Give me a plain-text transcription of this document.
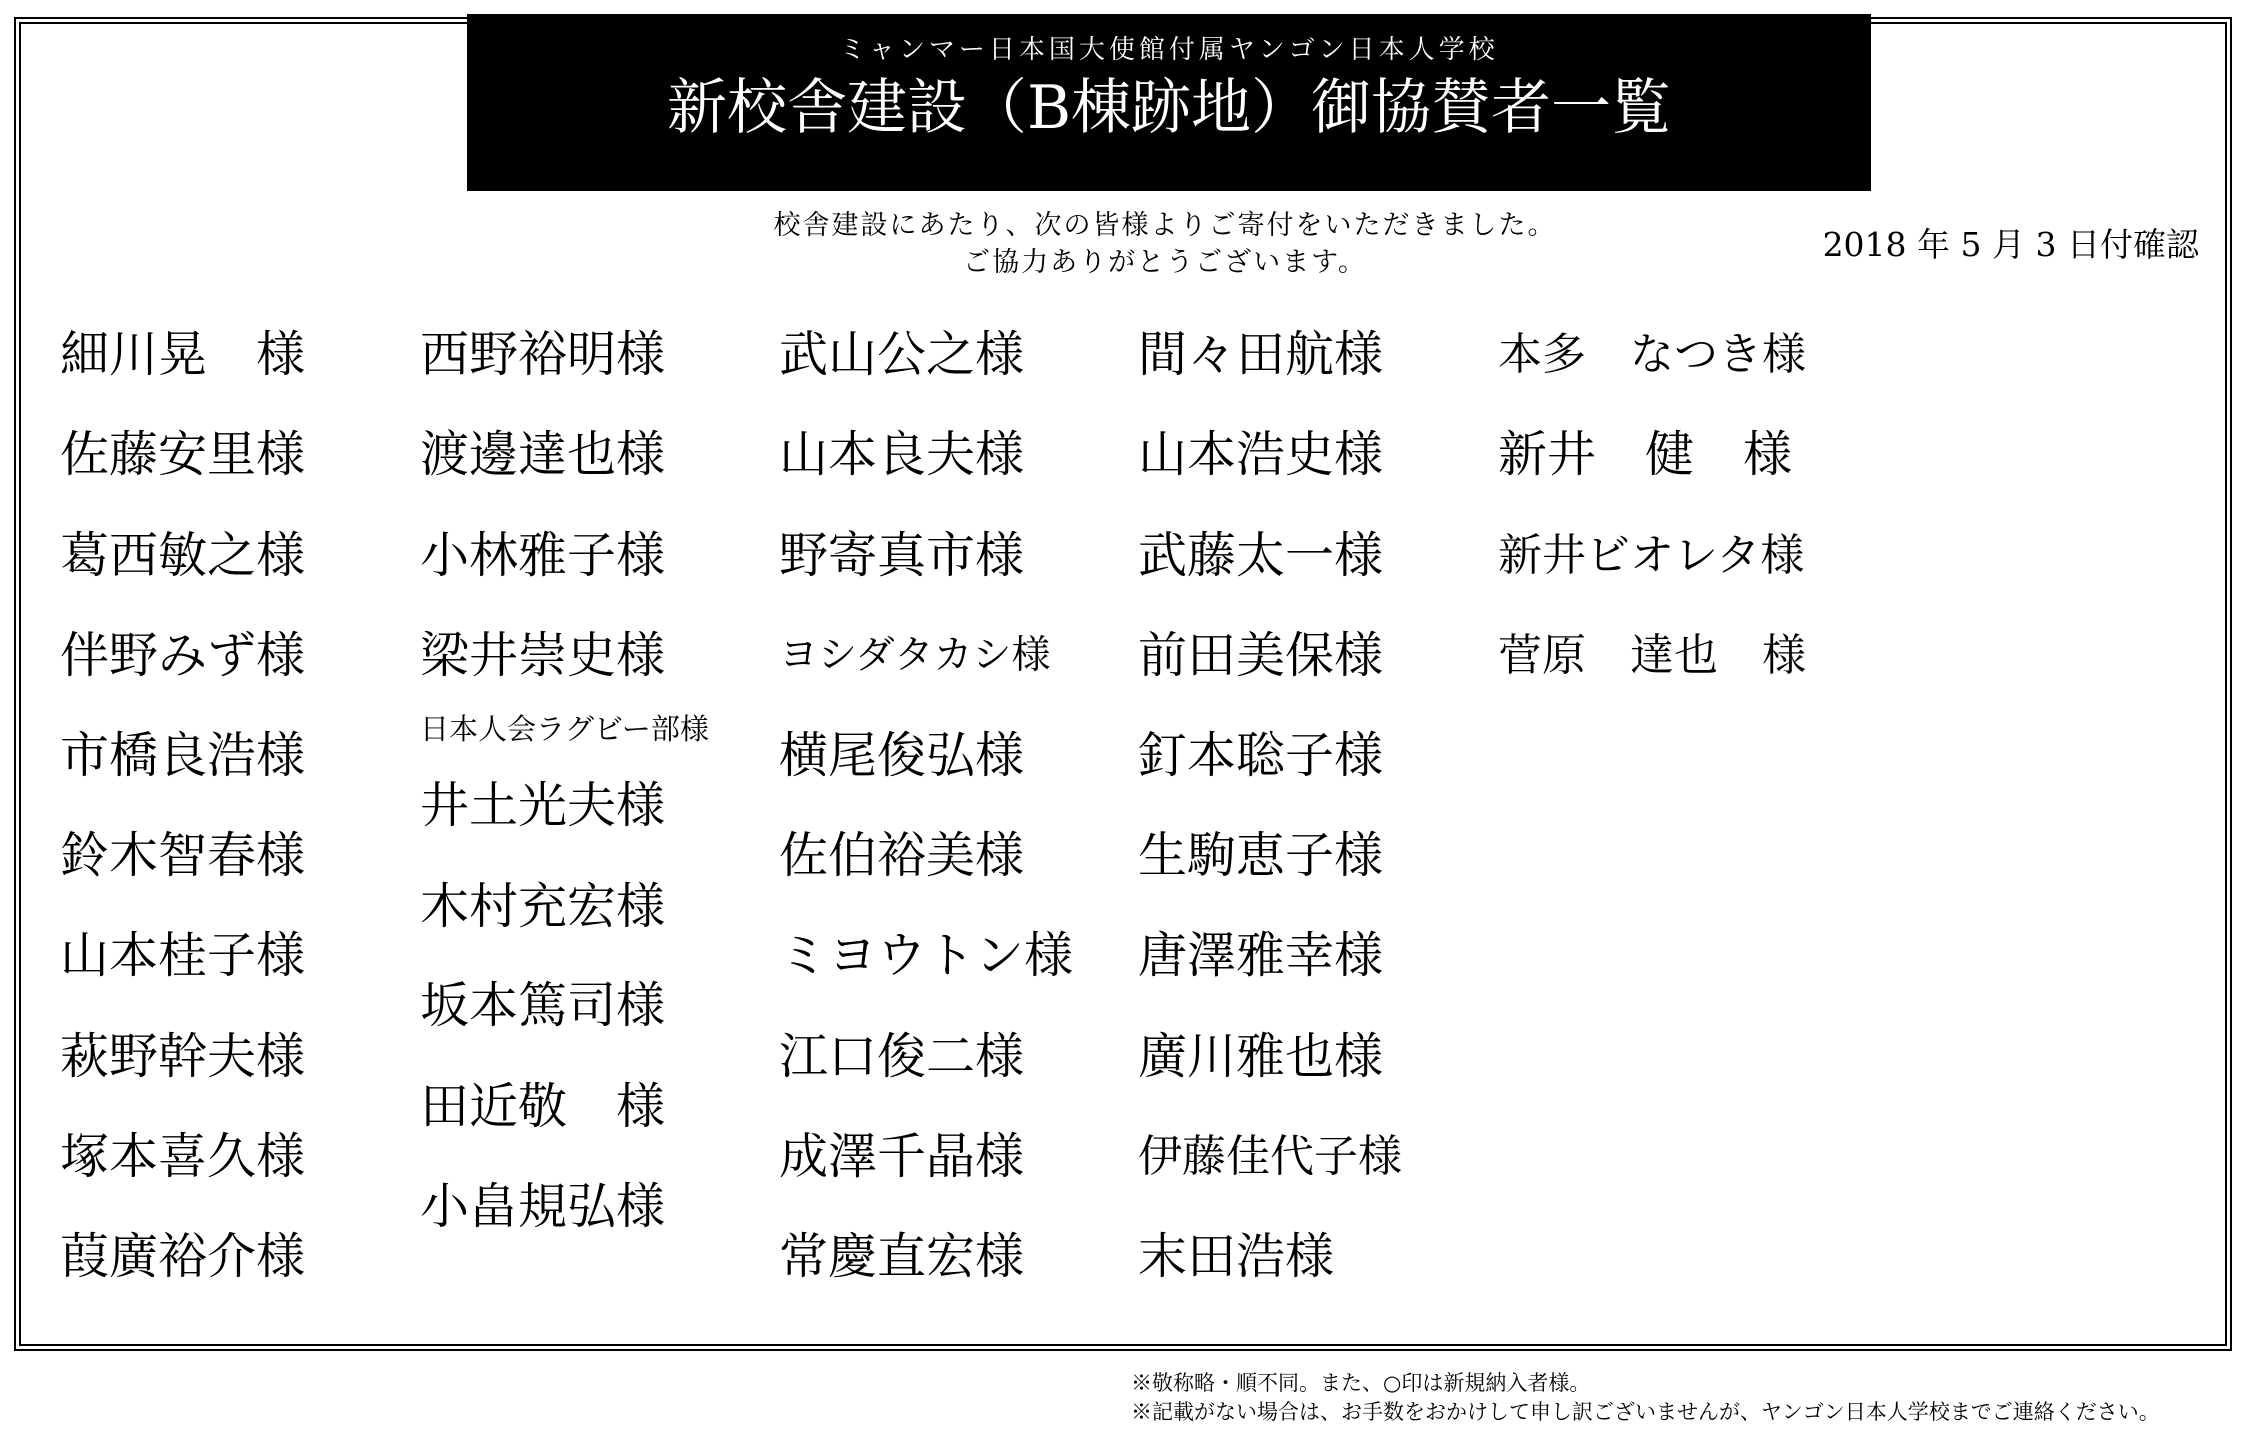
ミャンマー日本国大使館付属ヤンゴン日本人学校
新校舎建設（B棟跡地）御協賛者一覧
校舎建設にあたり、次の皆様よりご寄付をいただきました。
ご協力ありがとうございます。	2018 年 5 月 3 日付確認
細川晃　様
佐藤安里様
葛西敏之様
伴野みず様
市橋良浩様
鈴木智春様
山本桂子様
萩野幹夫様
塚本喜久様
葭廣裕介様
西野裕明様
渡邊達也様
小林雅子様
梁井崇史様
日本人会ラグビー部様
井土光夫様
木村充宏様
坂本篤司様
田近敬　様
小畠規弘様
武山公之様
山本良夫様
野寄真市様
ヨシダタカシ様
横尾俊弘様
佐伯裕美様
ミヨウトン様
江口俊二様
成澤千晶様
常慶直宏様
間々田航様
山本浩史様
武藤太一様
前田美保様
釘本聡子様
生駒恵子様
唐澤雅幸様
廣川雅也様
伊藤佳代子様
末田浩様
本多　なつき様
新井　健　様
新井ビオレタ様
菅原　達也　様
※敬称略・順不同。また、○印は新規納入者様。
※記載がない場合は、お手数をおかけして申し訳ございませんが、ヤンゴン日本人学校までご連絡ください。
